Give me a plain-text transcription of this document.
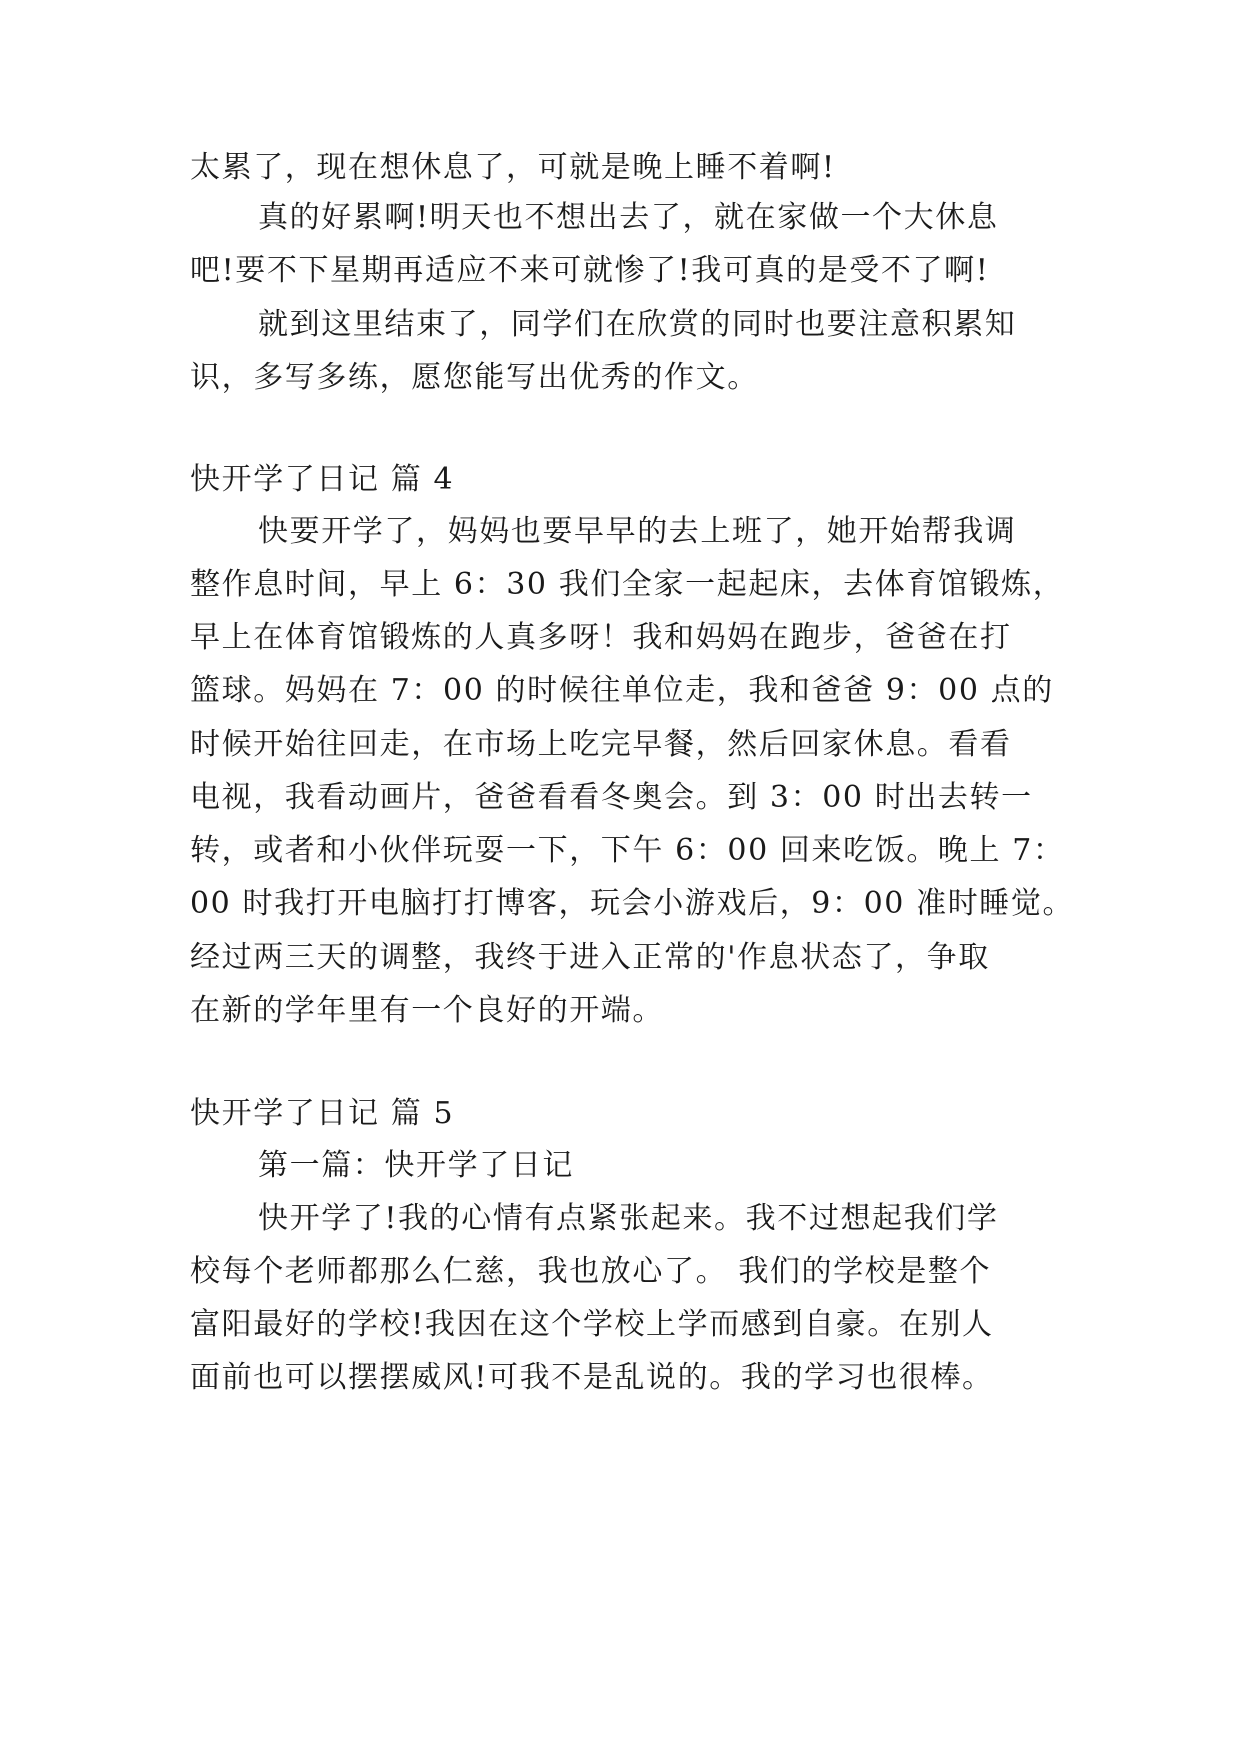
太累了，现在想休息了，可就是晚上睡不着啊!
真的好累啊!明天也不想出去了，就在家做一个大休息
吧!要不下星期再适应不来可就惨了!我可真的是受不了啊!
就到这里结束了，同学们在欣赏的同时也要注意积累知
识，多写多练，愿您能写出优秀的作文。
快开学了日记 篇 4
快要开学了，妈妈也要早早的去上班了，她开始帮我调
整作息时间，早上 6：30 我们全家一起起床，去体育馆锻炼，
早上在体育馆锻炼的人真多呀！我和妈妈在跑步，爸爸在打
篮球。妈妈在 7：00 的时候往单位走，我和爸爸 9：00 点的
时候开始往回走，在市场上吃完早餐，然后回家休息。看看
电视，我看动画片，爸爸看看冬奥会。到 3：00 时出去转一
转，或者和小伙伴玩耍一下，下午 6：00 回来吃饭。晚上 7：
00 时我打开电脑打打博客，玩会小游戏后，9：00 准时睡觉。
经过两三天的调整，我终于进入正常的'作息状态了，争取
在新的学年里有一个良好的开端。
快开学了日记 篇 5
第一篇：快开学了日记
快开学了!我的心情有点紧张起来。我不过想起我们学
校每个老师都那么仁慈，我也放心了。 我们的学校是整个
富阳最好的学校!我因在这个学校上学而感到自豪。在别人
面前也可以摆摆威风!可我不是乱说的。我的学习也很棒。
